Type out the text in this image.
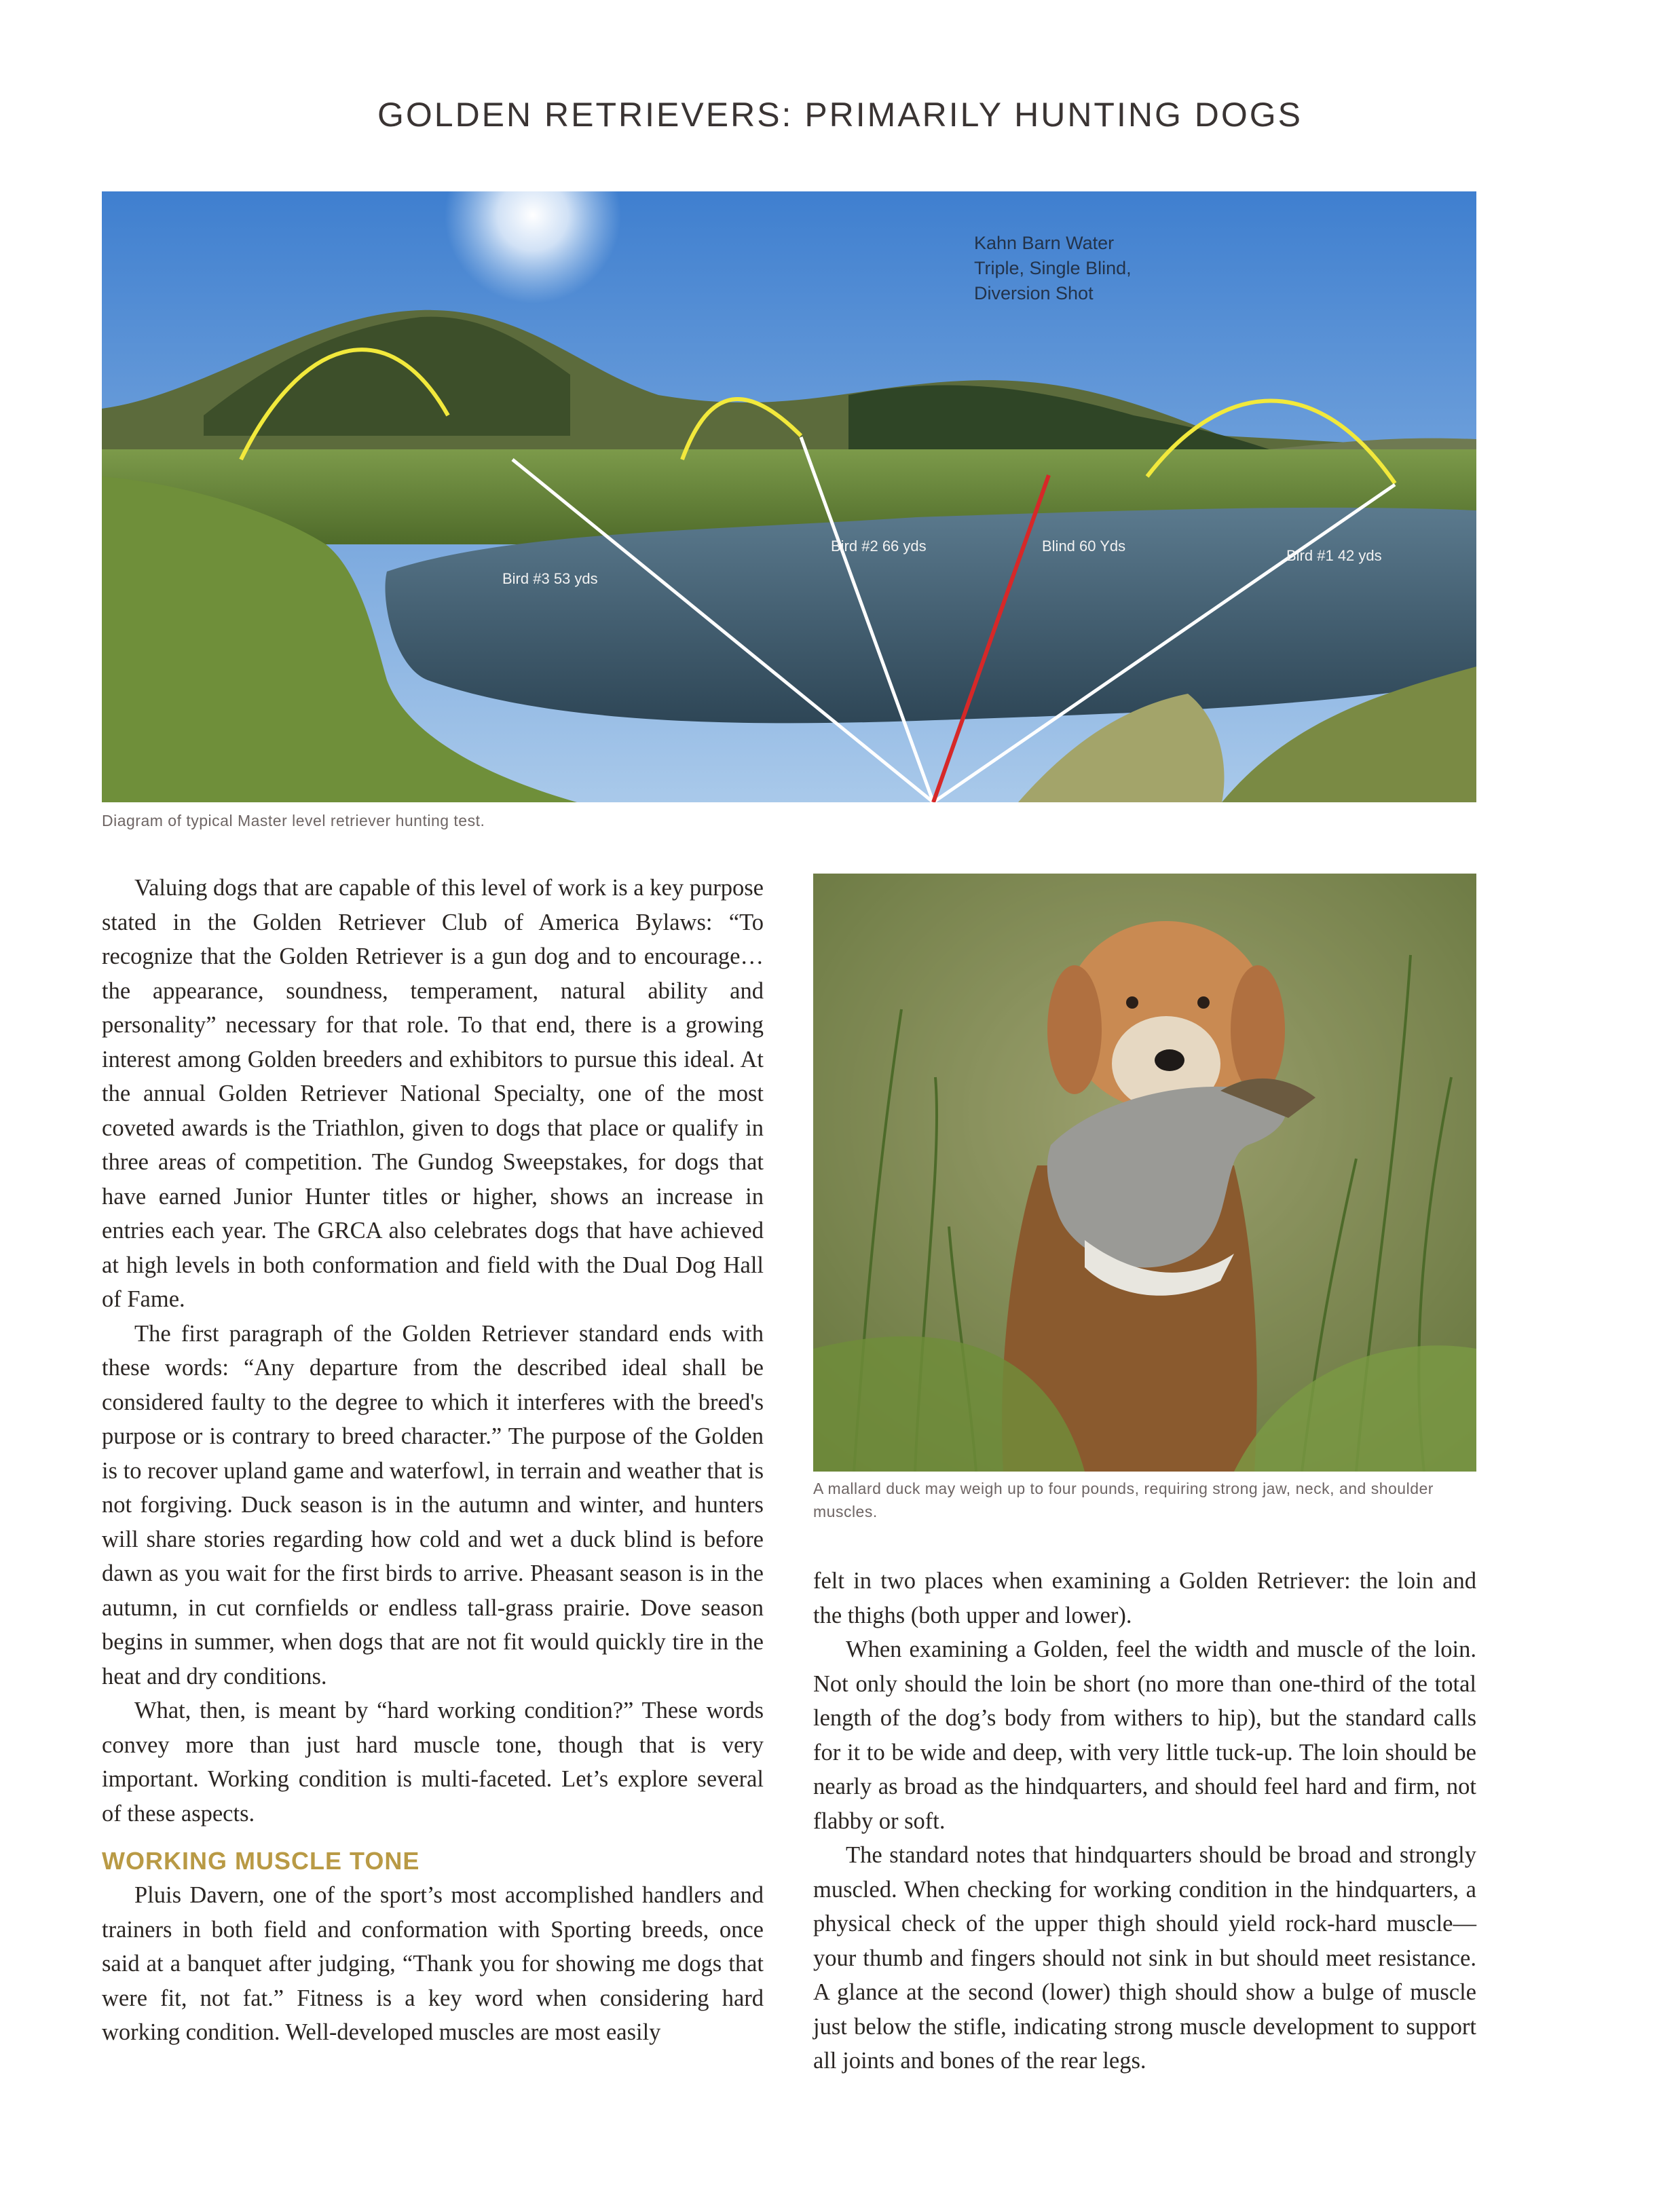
GOLDEN RETRIEVERS: PRIMARILY HUNTING DOGS
Kahn Barn Water
Triple, Single Blind,
Diversion Shot
Bird #3 53 yds
Bird #2 66 yds	Blind 60 Yds
Bird #1 42 yds
Diagram of typical Master level retriever hunting test.
A mallard duck may weigh up to four pounds, requiring strong jaw, neck, and shoulder muscles.

Valuing dogs that are capable of this level of work is a key purpose stated in the Golden Retriever Club of America Bylaws: “To recognize that the Golden Retriever is a gun dog and to encourage… the appearance, soundness, temperament, natural ability and personality” necessary for that role. To that end, there is a growing interest among Golden breeders and exhibitors to pursue this ideal. At the annual Golden Retriever National Specialty, one of the most coveted awards is the Triathlon, given to dogs that place or qualify in three areas of competition. The Gundog Sweepstakes, for dogs that have earned Junior Hunter titles or higher, shows an increase in entries each year. The GRCA also celebrates dogs that have achieved at high levels in both conformation and field with the Dual Dog Hall of Fame.

The first paragraph of the Golden Retriever standard ends with these words: “Any departure from the described ideal shall be considered faulty to the degree to which it interferes with the breed's purpose or is contrary to breed character.” The purpose of the Golden is to recover upland game and waterfowl, in terrain and weather that is not forgiving. Duck season is in the autumn and winter, and hunters will share stories regarding how cold and wet a duck blind is before dawn as you wait for the first birds to arrive. Pheasant season is in the autumn, in cut cornfields or endless tall-grass prairie. Dove season begins in summer, when dogs that are not fit would quickly tire in the heat and dry conditions.

What, then, is meant by “hard working condition?” These words convey more than just hard muscle tone, though that is very important. Working condition is multi-faceted. Let’s explore several of these aspects.

WORKING MUSCLE TONE

Pluis Davern, one of the sport’s most accomplished handlers and trainers in both field and conformation with Sporting breeds, once said at a banquet after judging, “Thank you for showing me dogs that were fit, not fat.” Fitness is a key word when considering hard working condition. Well-developed muscles are most easily

felt in two places when examining a Golden Retriever: the loin and the thighs (both upper and lower).

When examining a Golden, feel the width and muscle of the loin. Not only should the loin be short (no more than one-third of the total length of the dog’s body from withers to hip), but the standard calls for it to be wide and deep, with very little tuck-up. The loin should be nearly as broad as the hindquarters, and should feel hard and firm, not flabby or soft.

The standard notes that hindquarters should be broad and strongly muscled. When checking for working condition in the hindquarters, a physical check of the upper thigh should yield rock-hard muscle—your thumb and fingers should not sink in but should meet resistance. A glance at the second (lower) thigh should show a bulge of muscle just below the stifle, indicating strong muscle development to support all joints and bones of the rear legs.
